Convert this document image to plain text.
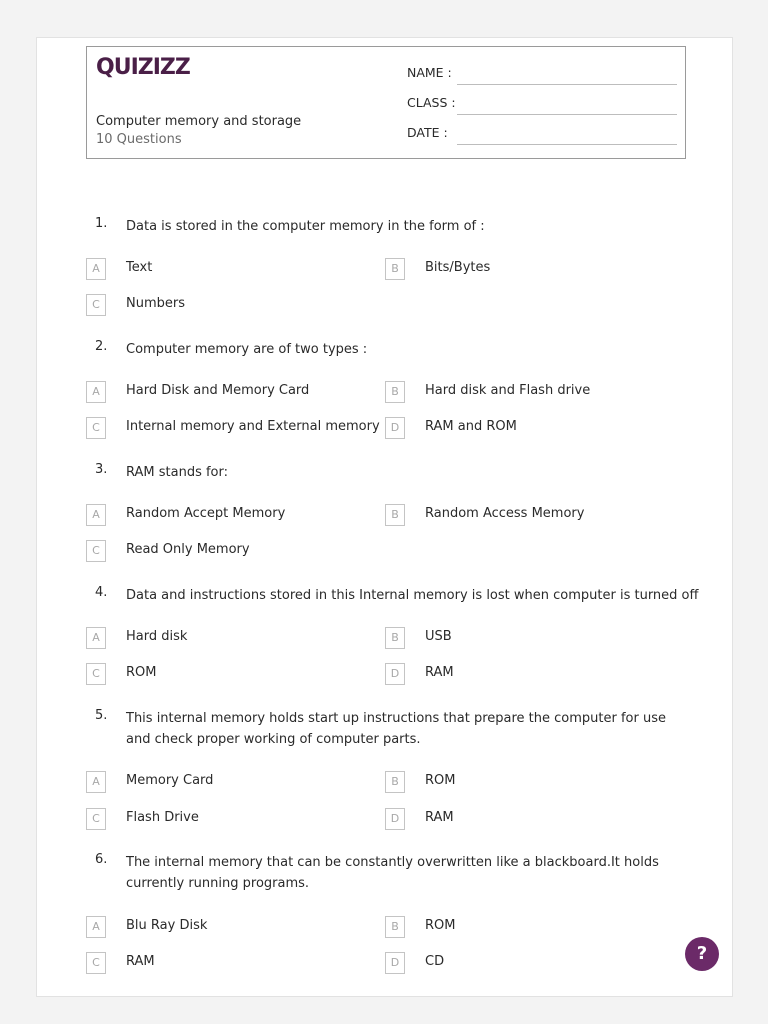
QUIZIZZ
Computer memory and storage
10 Questions
NAME :
CLASS :
DATE :
1. Data is stored in the computer memory in the form of :
A	Text	B	Bits/Bytes
C	Numbers
2. Computer memory are of two types :
A	Hard Disk and Memory Card	B	Hard disk and Flash drive
C	Internal memory and External memory	D	RAM and ROM
3. RAM stands for:
A	Random Accept Memory	B	Random Access Memory
C	Read Only Memory
4. Data and instructions stored in this Internal memory is lost when computer is turned off
A	Hard disk	B	USB
C	ROM	D	RAM
5. This internal memory holds start up instructions that prepare the computer for use and check proper working of computer parts.
A	Memory Card	B	ROM
C	Flash Drive	D	RAM
6. The internal memory that can be constantly overwritten like a blackboard.It holds currently running programs.
A	Blu Ray Disk	B	ROM
C	RAM	D	CD	?
